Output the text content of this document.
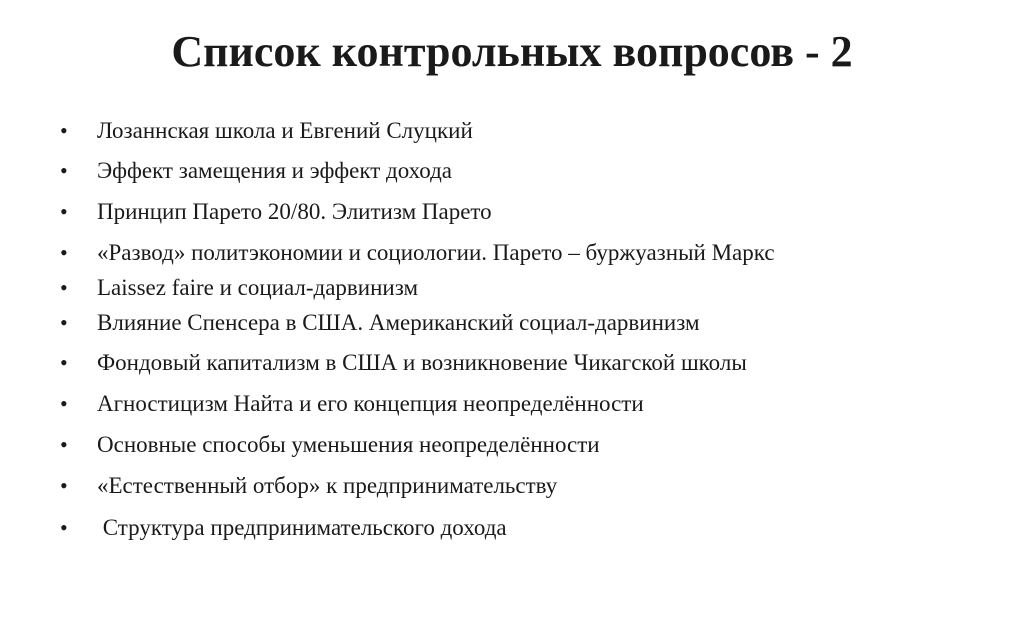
Список контрольных вопросов - 2
• Лозаннская школа и Евгений Слуцкий
• Эффект замещения и эффект дохода
• Принцип Парето 20/80. Элитизм Парето
• «Развод» политэкономии и социологии. Парето – буржуазный Маркс
• Laissez faire и социал-дарвинизм
• Влияние Спенсера в США. Американский социал-дарвинизм
• Фондовый капитализм в США и возникновение Чикагской школы
• Агностицизм Найта и его концепция неопределённости
• Основные способы уменьшения неопределённости
• «Естественный отбор» к предпринимательству
• Структура предпринимательского дохода
